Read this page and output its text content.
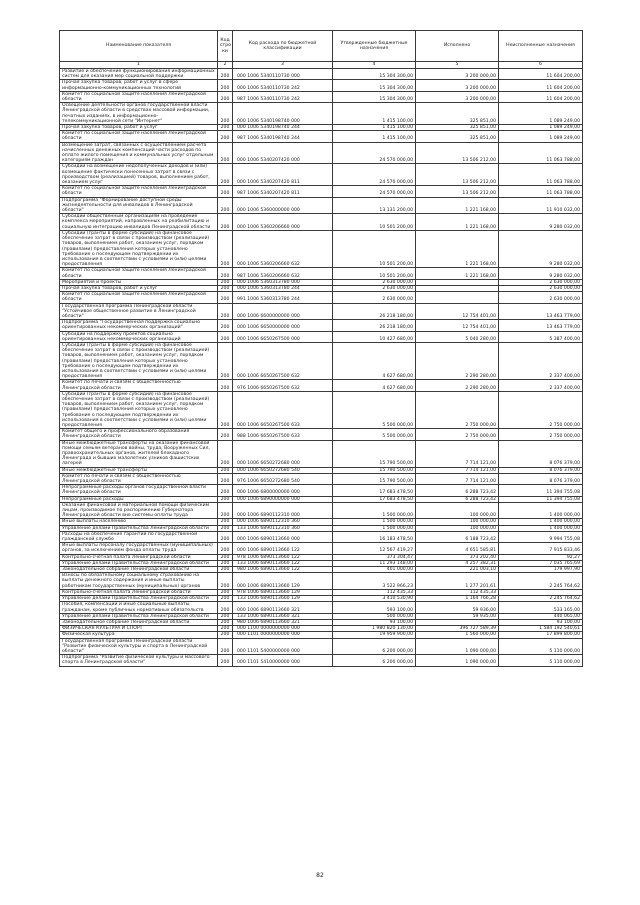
Наименование показателя	Код стро ки	Код расхода по бюджетной классификации	Утвержденные бюджетные назначения	Исполнено	Неисполненные назначения
1	2	3	4	5	6
Развитие и обеспечение функционирования информационных систем для оказания мер социальной поддержки	200	000 1006 5340110730 000	15 304 300,00	3 200 000,00	11 604 200,00
Прочая закупка товаров, работ и услуг в сфере информационно-коммуникационных технологий	200	000 1006 5340110730 242	15 304 300,00	3 200 000,00	11 604 200,00
Комитет по социальной защите населения Ленинградской области	200	987 1006 5340110730 242	15 304 300,00	3 200 000,00	11 604 200,00
Освещение деятельности органов государственной власти Ленинградской области в средствах массовой информации, печатных изданиях, в информационно-телекоммуникационной сети "Интернет"	200	000 1006 5340198740 000	1 415 100,00	325 851,00	1 089 249,00
Прочая закупка товаров, работ и услуг	200	000 1006 5340198740 244	1 415 100,00	325 851,00	1 089 249,00
Комитет по социальной защите населения Ленинградской области	200	987 1006 5340198740 244	1 415 100,00	325 851,00	1 089 249,00
Возмещение затрат, связанных с осуществлением расчета начисленных денежных компенсаций части расходов по оплате жилого помещения и коммунальных услуг отдельным категориям граждан	200	000 1006 5340207420 000	24 570 000,00	13 506 212,00	11 063 788,00
Субсидии на возмещение недополученных доходов и (или) возмещение фактически понесенных затрат в связи с производством (реализацией) товаров, выполнением работ, оказанием услуг	200	000 1006 5340207420 811	24 570 000,00	13 506 212,00	11 063 788,00
Комитет по социальной защите населения Ленинградской области	200	987 1006 5340207420 811	24 570 000,00	13 506 212,00	11 063 788,00
Подпрограмма "Формирование доступной среды жизнедеятельности для инвалидов в Ленинградской области"	200	000 1006 5360000000 000	13 131 200,00	1 221 168,00	11 910 032,00
Субсидии общественным организациям на проведение комплекса мероприятий, направленных на реабилитацию и социальную интеграцию инвалидов Ленинградской области	200	000 1006 5360206660 000	10 501 200,00	1 221 168,00	9 280 032,00
Субсидии (гранты в форме субсидий) на финансовое обеспечение затрат в связи с производством (реализацией) товаров, выполнением работ, оказанием услуг, порядком (правилами) предоставления которых установлено требование о последующем подтверждении их использования в соответствии с условиями и (или) целями предоставления	200	000 1006 5360206660 632	10 501 200,00	1 221 168,00	9 280 032,00
Комитет по социальной защите населения Ленинградской области	200	987 1006 5360206660 632	10 501 200,00	1 221 168,00	9 280 032,00
Мероприятия и проекты	200	000 1006 5360313780 000	2 630 000,00		2 630 000,00
Прочая закупка товаров, работ и услуг	200	000 1006 5360313780 244	2 630 000,00		2 630 000,00
Комитет по социальной защите населения Ленинградской области	200	991 1006 5360313780 244	2 630 000,00		2 630 000,00
Государственная программа Ленинградской области "Устойчивое общественное развитие в Ленинградской области"	200	000 1006 6600000000 000	26 218 180,00	12 754 401,00	13 463 779,00
Подпрограмма "Государственная поддержка социально ориентированных некоммерческих организаций"	200	000 1006 6650000000 000	26 218 180,00	12 754 401,00	13 463 779,00
Субсидии на поддержку проектов социально ориентированных некоммерческих организаций	200	000 1006 6650267500 000	10 427 680,00	5 040 280,00	5 387 400,00
Субсидии (гранты в форме субсидий) на финансовое обеспечение затрат в связи с производством (реализацией) товаров, выполнением работ, оказанием услуг, порядком (правилами) предоставления которых установлено требование о последующем подтверждении их использования в соответствии с условиями и (или) целями предоставления	200	000 1006 6650267500 632	4 627 680,00	2 290 280,00	2 337 400,00
Комитет по печати и связям с общественностью Ленинградской области	200	976 1006 6650267500 632	4 627 680,00	2 290 280,00	2 337 400,00
Субсидии (гранты в форме субсидий) на финансовое обеспечение затрат в связи с производством (реализацией) товаров, выполнением работ, оказанием услуг, порядком (правилами) предоставления которых установлено требование о последующем подтверждении их использования в соответствии с условиями и (или) целями предоставления	200	000 1006 6650267500 633	5 500 000,00	2 750 000,00	2 750 000,00
Комитет общего и профессионального образования Ленинградской области	200	988 1006 6650267500 633	5 500 000,00	2 750 000,00	2 750 000,00
Иные межбюджетные трансферты на оказание финансовой помощи семьям ветеранов войны, труда, Вооруженных Сил, правоохранительных органов, жителей блокадного Ленинграда и бывших малолетних узников фашистских лагерей	200	000 1006 6650272680 000	15 790 500,00	7 714 121,00	8 076 379,00
Иные межбюджетные трансферты	200	000 1006 6650272680 540	15 790 500,00	7 714 121,00	8 076 379,00
Комитет по печати и связям с общественностью Ленинградской области	200	976 1006 6650272680 540	15 790 500,00	7 714 121,00	8 076 379,00
Непрограммные расходы органов государственной власти Ленинградской области	200	000 1006 6800000000 000	17 683 478,50	6 288 723,42	11 394 755,08
Непрограммные расходы	200	000 1006 6890000000 000	17 683 478,50	6 288 723,42	11 394 755,08
Оказание финансовой и материальной помощи физическим лицам, производимое по распоряжению Губернатора Ленинградской области вне системы оплаты труда	200	000 1006 6890112310 000	1 500 000,00	100 000,00	1 400 000,00
Иные выплаты населению	200	000 1006 6890112310 360	1 500 000,00	100 000,00	1 400 000,00
Управление делами Правительства Ленинградской области	200	133 1006 6890112310 360	1 500 000,00	100 000,00	1 400 000,00
Расходы на обеспечение гарантий по государственной гражданской службе	200	000 1006 6890113660 000	16 183 478,50	6 188 723,42	9 994 755,08
Иные выплаты персоналу государственных (муниципальных) органов, за исключением фонда оплаты труда	200	000 1006 6890113660 122	12 567 419,27	4 651 585,81	7 915 833,46
Контрольно-счетная палата Ленинградской области	200	978 1006 6890113660 122	373 304,47	373 202,40	92,27
Управление делами Правительства Ленинградской области	200	133 1006 6890113660 122	11 293 148,00	4 257 382,31	7 035 765,69
Законодательное собрание Ленинградской области	200	980 1006 6890113660 122	401 000,00	221 003,10	179 997,90
Взносы по обязательному социальному страхованию на выплаты денежного содержания и иные выплаты работникам государственных (муниципальных) органов	200	000 1006 6890113660 129	3 522 966,23	1 277 201,61	2 245 764,62
Контрольно-счетная палата Ленинградской области	200	978 1006 6890113660 129	112 435,33	112 435,33	
Управление делами Правительства Ленинградской области	200	133 1006 6890113660 129	3 410 530,90	1 164 766,28	2 245 764,62
Пособия, компенсации и иные социальные выплаты гражданам, кроме публичных нормативных обязательств	200	000 1006 6890113660 321	593 100,00	59 936,00	533 165,00
Управление делами Правительства Ленинградской области	200	133 1006 6890113660 321	500 000,00	59 935,00	440 065,00
Законодательное собрание Ленинградской области	200	980 1006 6890113660 321	93 100,00		93 100,00
ФИЗИЧЕСКАЯ КУЛЬТУРА И СПОРТ	200	000 1100 0000000000 000	1 980 820 130,00	396 727 589,39	1 584 192 540,61
Физическая культура	200	000 1101 0000000000 000	19 959 900,00	1 560 000,00	17 899 800,00
Государственная программа Ленинградской области "Развитие физической культуры и спорта в Ленинградской области"	200	000 1101 5400000000 000	6 200 000,00	1 090 000,00	5 110 000,00
Подпрограмма "Развитие физической культуры и массового спорта в Ленинградской области"	200	000 1101 5410000000 000	6 200 000,00	1 090 000,00	5 110 000,00
82
